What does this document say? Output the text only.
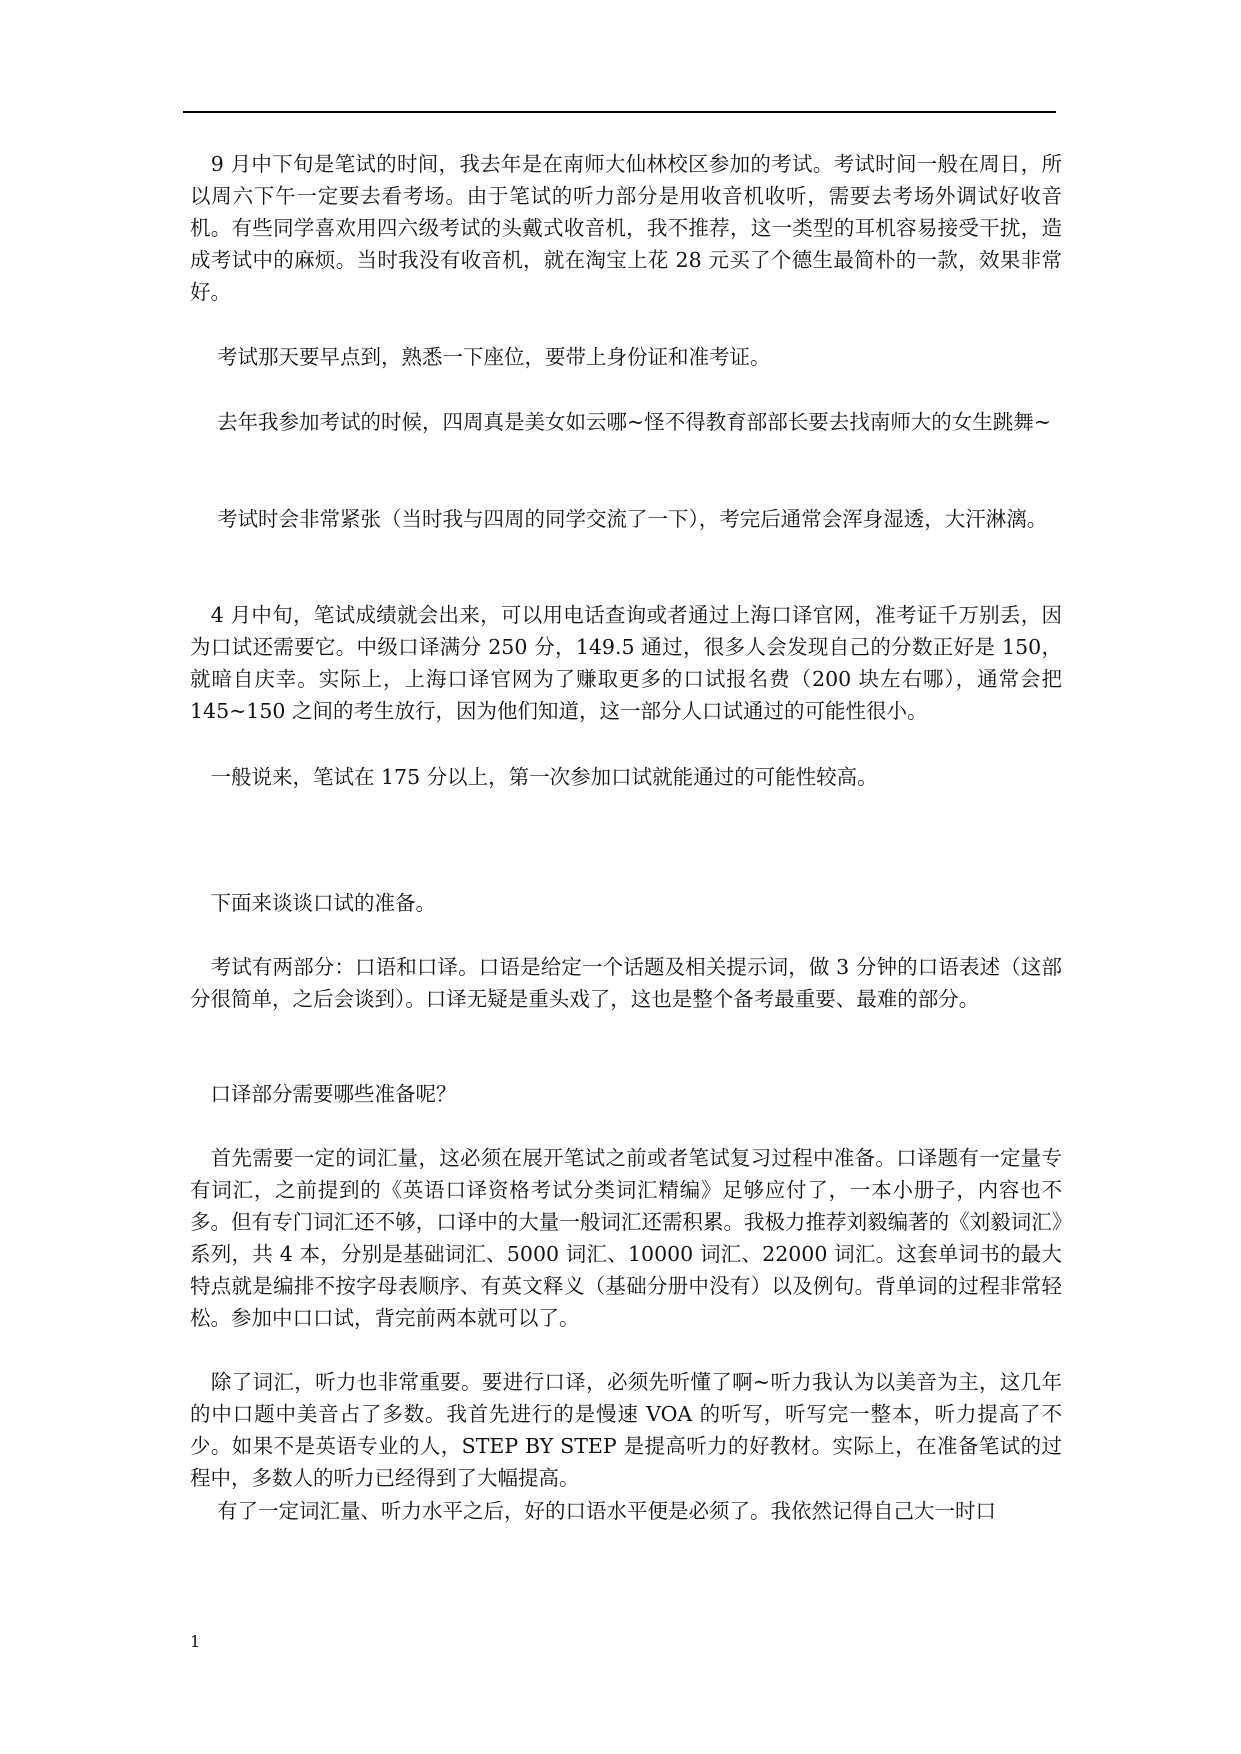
　9 月中下旬是笔试的时间，我去年是在南师大仙林校区参加的考试。考试时间一般在周日，所以周六下午一定要去看考场。由于笔试的听力部分是用收音机收听，需要去考场外调试好收音机。有些同学喜欢用四六级考试的头戴式收音机，我不推荐，这一类型的耳机容易接受干扰，造成考试中的麻烦。当时我没有收音机，就在淘宝上花 28 元买了个德生最简朴的一款，效果非常好。

　 考试那天要早点到，熟悉一下座位，要带上身份证和准考证。

　 去年我参加考试的时候，四周真是美女如云哪~怪不得教育部部长要去找南师大的女生跳舞~

　 考试时会非常紧张（当时我与四周的同学交流了一下），考完后通常会浑身湿透，大汗淋漓。

　4 月中旬，笔试成绩就会出来，可以用电话查询或者通过上海口译官网，准考证千万别丢，因为口试还需要它。中级口译满分 250 分，149.5 通过，很多人会发现自己的分数正好是 150，就暗自庆幸。实际上，上海口译官网为了赚取更多的口试报名费（200 块左右哪），通常会把 145~150 之间的考生放行，因为他们知道，这一部分人口试通过的可能性很小。

　一般说来，笔试在 175 分以上，第一次参加口试就能通过的可能性较高。

　下面来谈谈口试的准备。

　考试有两部分：口语和口译。口语是给定一个话题及相关提示词，做 3 分钟的口语表述（这部分很简单，之后会谈到）。口译无疑是重头戏了，这也是整个备考最重要、最难的部分。

　口译部分需要哪些准备呢？

　首先需要一定的词汇量，这必须在展开笔试之前或者笔试复习过程中准备。口译题有一定量专有词汇，之前提到的《英语口译资格考试分类词汇精编》足够应付了，一本小册子，内容也不多。但有专门词汇还不够，口译中的大量一般词汇还需积累。我极力推荐刘毅编著的《刘毅词汇》系列，共 4 本，分别是基础词汇、5000 词汇、10000 词汇、22000 词汇。这套单词书的最大特点就是编排不按字母表顺序、有英文释义（基础分册中没有）以及例句。背单词的过程非常轻松。参加中口口试，背完前两本就可以了。

　除了词汇，听力也非常重要。要进行口译，必须先听懂了啊~听力我认为以美音为主，这几年的中口题中美音占了多数。我首先进行的是慢速 VOA 的听写，听写完一整本，听力提高了不少。如果不是英语专业的人，STEP BY STEP 是提高听力的好教材。实际上，在准备笔试的过程中，多数人的听力已经得到了大幅提高。

　 有了一定词汇量、听力水平之后，好的口语水平便是必须了。我依然记得自己大一时口

1
